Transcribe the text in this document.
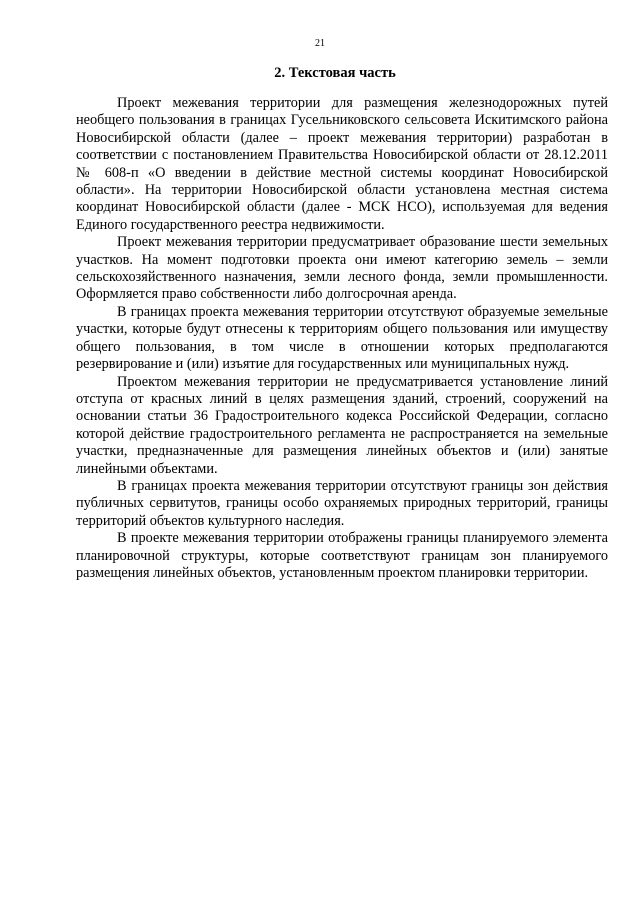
21
2. Текстовая часть

Проект межевания территории для размещения железнодорожных путей необщего пользования в границах Гусельниковского сельсовета Искитимского района Новосибирской области (далее – проект межевания территории) разработан в соответствии с постановлением Правительства Новосибирской области от 28.12.2011 № 608-п «О введении в действие местной системы координат Новосибирской области». На территории Новосибирской области установлена местная система координат Новосибирской области (далее - МСК НСО), используемая для ведения Единого государственного реестра недвижимости.

Проект межевания территории предусматривает образование шести земельных участков. На момент подготовки проекта они имеют категорию земель – земли сельскохозяйственного назначения, земли лесного фонда, земли промышленности. Оформляется право собственности либо долгосрочная аренда.

В границах проекта межевания территории отсутствуют образуемые земельные участки, которые будут отнесены к территориям общего пользования или имуществу общего пользования, в том числе в отношении которых предполагаются резервирование и (или) изъятие для государственных или муниципальных нужд.

Проектом межевания территории не предусматривается установление линий отступа от красных линий в целях размещения зданий, строений, сооружений на основании статьи 36 Градостроительного кодекса Российской Федерации, согласно которой действие градостроительного регламента не распространяется на земельные участки, предназначенные для размещения линейных объектов и (или) занятые линейными объектами.

В границах проекта межевания территории отсутствуют границы зон действия публичных сервитутов, границы особо охраняемых природных территорий, границы территорий объектов культурного наследия.

В проекте межевания территории отображены границы планируемого элемента планировочной структуры, которые соответствуют границам зон планируемого размещения линейных объектов, установленным проектом планировки территории.
